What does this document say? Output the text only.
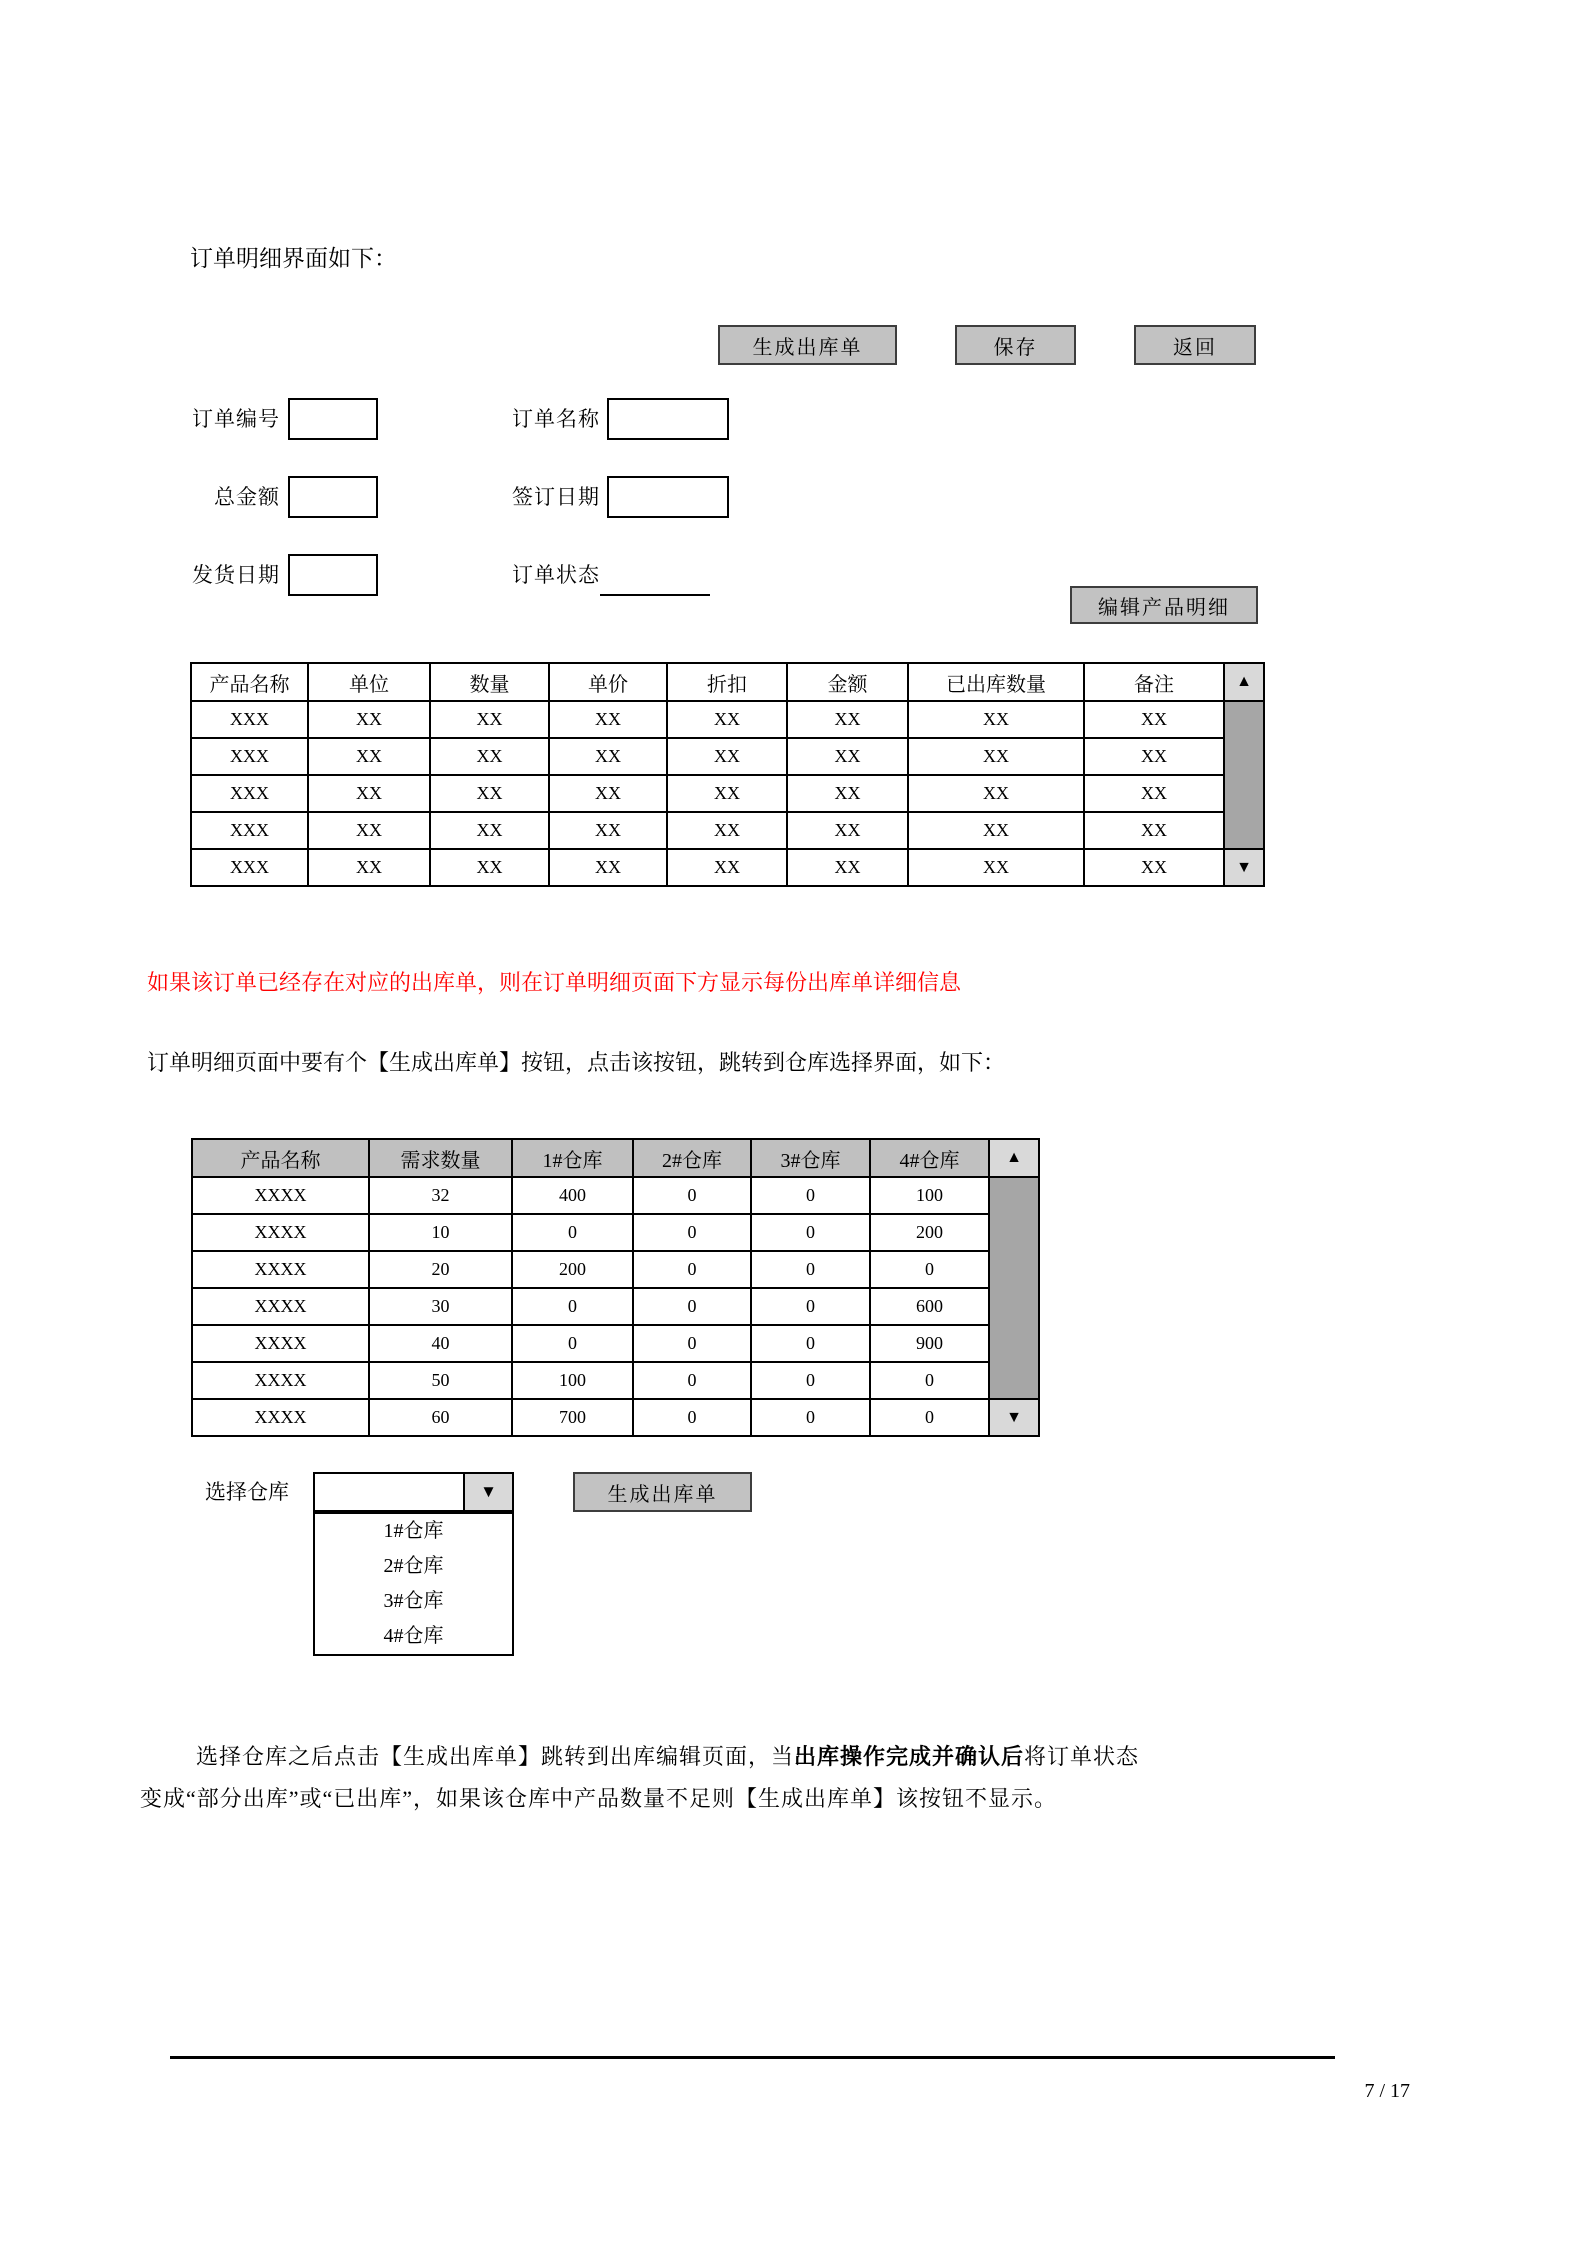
订单明细界面如下：
生成出库单	保存	返回
订单编号	订单名称
总金额	签订日期
发货日期	订单状态
编辑产品明细
产品名称	单位	数量	单价	折扣	金额	已出库数量	备注	▲
XXX	XX	XX	XX	XX	XX	XX	XX	
XXX	XX	XX	XX	XX	XX	XX	XX	
XXX	XX	XX	XX	XX	XX	XX	XX	
XXX	XX	XX	XX	XX	XX	XX	XX	
XXX	XX	XX	XX	XX	XX	XX	XX	▼
如果该订单已经存在对应的出库单，则在订单明细页面下方显示每份出库单详细信息
订单明细页面中要有个【生成出库单】按钮，点击该按钮，跳转到仓库选择界面，如下：
产品名称	需求数量	1#仓库	2#仓库	3#仓库	4#仓库	▲
XXXX	32	400	0	0	100	
XXXX	10	0	0	0	200	
XXXX	20	200	0	0	0	
XXXX	30	0	0	0	600	
XXXX	40	0	0	0	900	
XXXX	50	100	0	0	0	
XXXX	60	700	0	0	0	▼
选择仓库	▼
1#仓库
2#仓库
3#仓库
4#仓库
生成出库单
选择仓库之后点击【生成出库单】跳转到出库编辑页面，当出库操作完成并确认后将订单状态
变成“部分出库”或“已出库”，如果该仓库中产品数量不足则【生成出库单】该按钮不显示。
7 / 17
